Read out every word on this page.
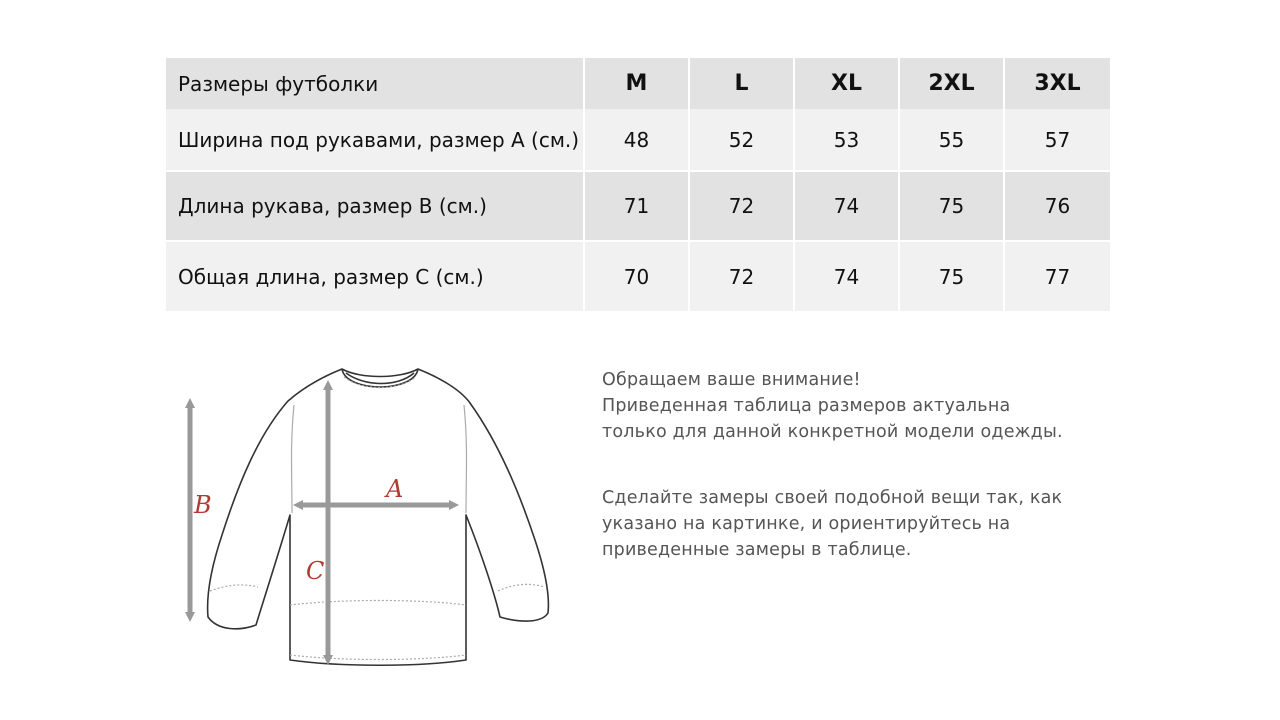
Размеры футболки	M	L	XL	2XL	3XL
Ширина под рукавами, размер А (см.)	48	52	53	55	57
Длина рукава, размер В (см.)	71	72	74	75	76
Общая длина, размер С (см.)	70	72	74	75	77
A
B
C

Обращаем ваше внимание!

Приведенная таблица размеров актуальна

только для данной конкретной модели одежды.

Сделайте замеры своей подобной вещи так, как

указано на картинке, и ориентируйтесь на

приведенные замеры в таблице.
